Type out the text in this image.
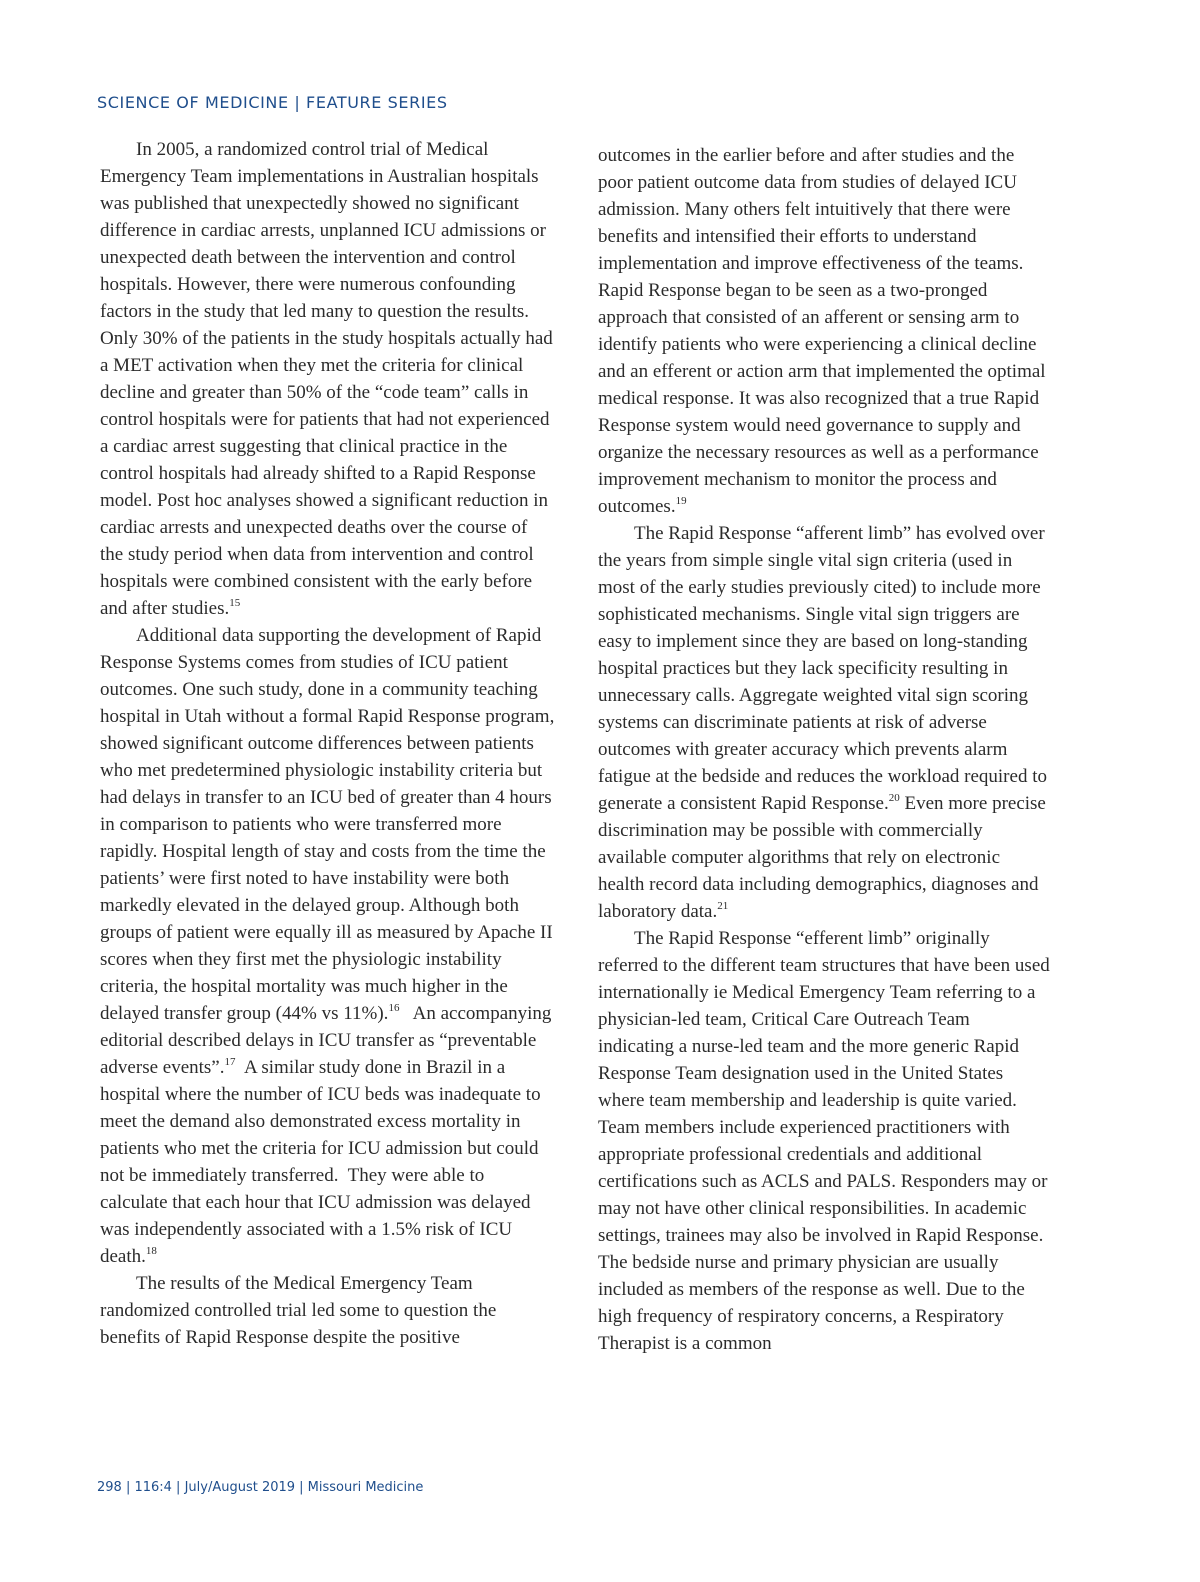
SCIENCE OF MEDICINE | FEATURE SERIES

In 2005, a randomized control trial of Medical Emergency Team implementations in Australian hospitals was published that unexpectedly showed no significant difference in cardiac arrests, unplanned ICU admissions or unexpected death between the intervention and control hospitals. However, there were numerous confounding factors in the study that led many to question the results. Only 30% of the patients in the study hospitals actually had a MET activation when they met the criteria for clinical decline and greater than 50% of the “code team” calls in control hospitals were for patients that had not experienced a cardiac arrest suggesting that clinical practice in the control hospitals had already shifted to a Rapid Response model. Post hoc analyses showed a significant reduction in cardiac arrests and unexpected deaths over the course of the study period when data from intervention and control hospitals were combined consistent with the early before and after studies.$^{15}$

Additional data supporting the development of Rapid Response Systems comes from studies of ICU patient outcomes. One such study, done in a community teaching hospital in Utah without a formal Rapid Response program, showed significant outcome differences between patients who met predetermined physiologic instability criteria but had delays in transfer to an ICU bed of greater than 4 hours in comparison to patients who were transferred more rapidly. Hospital length of stay and costs from the time the patients’ were first noted to have instability were both markedly elevated in the delayed group. Although both groups of patient were equally ill as measured by Apache II scores when they first met the physiologic instability criteria, the hospital mortality was much higher in the delayed transfer group (44% vs 11%).$^{16}$   An accompanying editorial described delays in ICU transfer as “preventable adverse events”.$^{17}$  A similar study done in Brazil in a hospital where the number of ICU beds was inadequate to meet the demand also demonstrated excess mortality in patients who met the criteria for ICU admission but could not be immediately transferred.  They were able to calculate that each hour that ICU admission was delayed was independently associated with a 1.5% risk of ICU death.$^{18}$

The results of the Medical Emergency Team randomized controlled trial led some to question the benefits of Rapid Response despite the positive

outcomes in the earlier before and after studies and the poor patient outcome data from studies of delayed ICU admission. Many others felt intuitively that there were benefits and intensified their efforts to understand implementation and improve effectiveness of the teams. Rapid Response began to be seen as a two-pronged approach that consisted of an afferent or sensing arm to identify patients who were experiencing a clinical decline and an efferent or action arm that implemented the optimal medical response. It was also recognized that a true Rapid Response system would need governance to supply and organize the necessary resources as well as a performance improvement mechanism to monitor the process and outcomes.$^{19}$

The Rapid Response “afferent limb” has evolved over the years from simple single vital sign criteria (used in most of the early studies previously cited) to include more sophisticated mechanisms. Single vital sign triggers are easy to implement since they are based on long-standing hospital practices but they lack specificity resulting in unnecessary calls. Aggregate weighted vital sign scoring systems can discriminate patients at risk of adverse outcomes with greater accuracy which prevents alarm fatigue at the bedside and reduces the workload required to generate a consistent Rapid Response.$^{20}$ Even more precise discrimination may be possible with commercially available computer algorithms that rely on electronic health record data including demographics, diagnoses and laboratory data.$^{21}$

The Rapid Response “efferent limb” originally referred to the different team structures that have been used internationally ie Medical Emergency Team referring to a physician-led team, Critical Care Outreach Team indicating a nurse-led team and the more generic Rapid Response Team designation used in the United States where team membership and leadership is quite varied. Team members include experienced practitioners with appropriate professional credentials and additional certifications such as ACLS and PALS. Responders may or may not have other clinical responsibilities. In academic settings, trainees may also be involved in Rapid Response. The bedside nurse and primary physician are usually included as members of the response as well. Due to the high frequency of respiratory concerns, a Respiratory Therapist is a common

298 | 116:4 | July/August 2019 | Missouri Medicine
